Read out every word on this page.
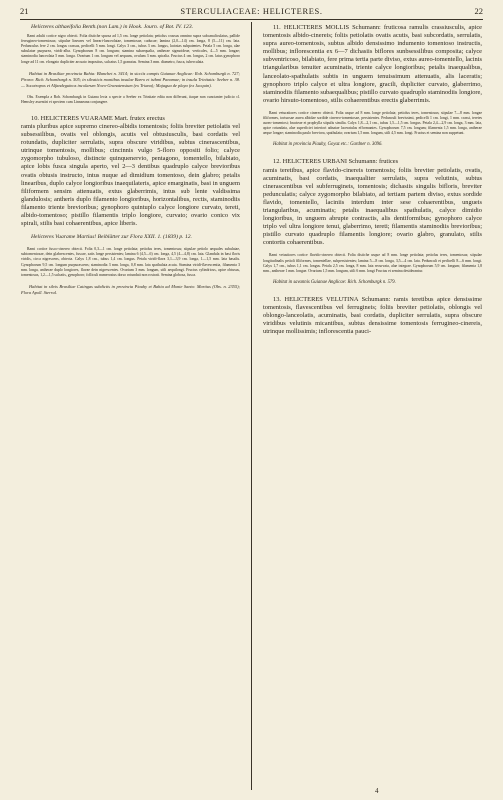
21	STERCULIACEAE: HELICTERES.	22

Helicteres althaeifolia Benth.(non Lam.) in Hook. Journ. of Bot. IV. 123.

Rami adulti cortice nigro obtecti. Folia distiche sparsa ad 1,5 cm. longe petiolata; petiolus crassus omnino supra subcanaliculatus, pallide ferrugineo-tomentosus; stipulae lineares vel lineari-lanceolatae, tomentosae, caducae; lamina (2,0—14) cm. longa, 8 (5—11) cm. lata. Pedunculus fere 2 cm. longus crassus, pedicelli 5 mm. longi. Calyx 3 cm., tubus 3 cm. longus, lacinias subpatentes. Petala 5 cm. longa, alae subulatae purpurea, viridi-alba. Gynophorum 8 cm. longum; stamina subaequalia, antherae sigmoideae, verticales, 4—5 mm. longae; staminodia lanceolata 5 mm. longa. Ovarium 1 cm. longum vel aequans, ovulum 3 mm. spiralia. Fructus 4 cm. longus, 2 cm. latus gynophoro longe ad 11 cm. elongato dupliciter arcuato impositus, sulcatus 1,5 granatus. Semina 3 mm. diametro, fusca, tuberculata.

Habitat in Brasiliae provincia Bahia: Blanchet n. 3414; in sicciis campis Guianae Anglicae: Rob. Schomburgk n. 727; Pirara: Rich. Schomburgk n. 505; in silvaticis montibus insulae Barro et isthmi Panamae; in insula Trinitatis: Seeber n. 38. — Socatrapos et Alfandeguinos incolarum Novo-Granatensium (ex Triana); Majagua de playa (ex Jacquin).

Obs. Exempla a Rob. Schomburgk in Guiana lecta a specie a Seeber ex Trinitate edita non differunt, itaque non cunctanter judicio cl. Hemsley assentiri et speciem cum Linnaeana conjungere.

10. HELICTERES VUARAME Mart. frutex erectus

ramis pluribus apice supremo cinereo-albidis tomentosis; foliis breviter petiolatis vel subsessilibus, ovatis vel oblongis, acutis vel obtusiusculis, basi cordatis vel rotundatis, dupliciter serrulatis, supra obscure viridibus, subtus cinerascentibus, utrinque tomentosis, mollibus; cincinnis vulgo 5-floro oppositi folio; calyce zygomorpho tubuloso, distincte quinquenervio, pentagono, tomentello, bilabiato, apice lobis fusca singula aperto, vel 2—3 dentibus quadruplo calyce brevioribus ovatis obtusis instructo, intus nuque ad dimidium tomentoso, dein glabro; petalis linearibus, duplo calyce longioribus inaequilateris, apice emarginatis, basi in unguem filiformem sensim attenuatis, extus glaberrimis, intus sub lente valdissima glandulosis; antheris duplo filamento longioribus, horizontalibus, rectis, staminodiis filamento triente brevioribus; gynophoro quintuplo calyce longiore curvato, tereti, albido-tomentoso; pistillo filamentis triplo longiore, curvato; ovario conico vix spirali, stilis basi cohaerentibus, apice liberis.

Helicteres Vuarame Martius! Beiblätter zur Flora XXII. 1. (1839) p. 12.

Rami cortice fusco-cinereo obtecti. Folia 0,3—1 cm. longe petiolata; petiolus teres, tomentosus; stipulae petiolo aequales subulatae, subtomentosae, dein glabrescentes, fuscae, satis longe persistentes; lamina 6 (4,5—6) cm. longa, 4,5 (4—4,8) cm. lata. Glandula in basi floris viridis, circa nigrescens, obtecta. Calyx 1,8 cm., tubus 1,4 cm. longus. Petala viridi-flava 3,1—3,9 cm. longa, 1—1,5 mm. lata basalis. Gynophorum 9,5 cm. longum purpurascens; staminodia 3 mm. longa, 0,8 mm. lata spathulata acuta. Stamina viridi-flavescentia, filamenta 3 mm. longa, antherae duplo longiores, flavae dein nigrescentes. Ovarium 3 mm. longum, stili aequilongi. Fructus cylindricus, apice obtusus, tomentosus, 1,2—1,5 sulcatis, gynophoro; folliculi numerosius dorso rotundati non rostrati. Semina globosa, fusca.

Habitat in silvis Brasiliae Catingas subdictis in provincia Piauhy et Bahia ad Monte Santo: Martius (Obs. n. 2355); Flora Apoll. Sterrul.

11. HELICTERES MOLLIS Schumann: fruticosa ramulis crassiusculis, apice tomentosis albido-cinereis; foliis petiolatis ovatis acutis, basi subcordatis, serrulatis, supra aureo-tomentosis, subtus albido densissimo indumento tomentoso instructis, mollibus; inflorescentia ex 6—7 dichasiis biflores sunbsessilibus composita; calyce subventricoso, bilabiato, fere prima tertia parte diviso, extus aureo-tomentello, lacinis triangularibus tenuiter acuminatis, triente calyce longioribus; petalis inaequalibus, lanceolato-spathulatis subtis in unguem tenuissimum attenuatis, alis laceratis; gynophoro triplo calyce et ultra longiore, gracili, dupliciter curvato, glaberrimo, staminodiis filamento subaequalibus; pistillo curvato quadruplo staminodiis longiore, ovario hirsuto-tomentoso, stilis cohaerentibus erectis glaberrimis.

Rami veturatiores cortice cinereo obtecti. Folia usque ad 8 mm. longe petiolata; petiolus teres, tomentosus; stipulae 7—8 mm. longae filiformes, tortuosae aurea albidae sordide cinereo-tomentosae, persistentes. Pedunculi brevissimi, pedicelli 1 cm. longi, 1 mm. crassi, teretes aureo-tomentosi; bracteae et prophylla stipulis similia. Calyx 1,8—2,1 cm., tubus 1,5—1,5 cm. longus. Petala 2,4—2,9 cm. longa, 3 mm. lata, apice rotundata, alae superficiei interiori adnatae laceratulas efformantes. Gynophorum 7,5 cm. longum; filamenta 1,5 mm. longa, antherae aeque longae; staminodia paulo breviora, spathulata; ovarium 1,5 mm. longum, stili 4,5 mm. longi. Fructus et semina non suppetunt.

Habitat in provincia Piauhy, Goyaz etc.: Gardner n. 3096.

12. HELICTERES URBANI Schumann: frutices

ramis teretibus, apice flavido-cinereis tomentosis; foliis breviter petiolatis, ovatis, acuminatis, basi cordatis, inaequaliter serrulatis, supra velutinis, subtus cinerascentibus vel subferrugineis, tomentosis; dichasiis singulis bifloris, breviter pedunculatis; calyce zygomorpho bilabiato, ad tertiam partem diviso, extus sordide flavido, tomentello, laciniis interdum inter sese cohaerentibus, ungueis triangularibus, acuminatis; petalis inaequalibus spathulatis, calyce dimidio longioribus, in unguem abrupte contractis, alis dentiformibus; gynophoro calyce triplo vel ultra longiore tenui, glaberrimo, tereti; filamentis staminodiis brevioribus; pistillo curvato quadruplo filamentis longiore; ovario glabro, granulato, stilis contortis cohaerentibus.

Rami vetustiores cortice flavido-cinereo obtecti. Folia distiche usque ad 8 mm. longe petiolata; petiolus teres, tomentosus; stipulae longitudinalis petioli filiformes, tomentellae, subpersistentes; lamina 5—8 cm. longa, 3,5—4 cm. lata. Pedunculi et pedicelli 8—6 mm. longi. Calyx 1,7 cm., tubus 1,1 cm. longus. Petala 2,5 cm. longa, 8 mm. lata recurvata, alae integrae. Gynophorum 5,9 cm. longum; filamenta 1,8 mm., antherae 1 mm. longae. Ovarium 1,5 mm. longum, stili 6 mm. longi Fructus et semina desiderantur.

Habitat in savannis Guianae Anglicae: Rich. Schomburgk n. 579.

13. HELICTERES VELUTINA Schumann: ramis teretibus apice densissime tomentosis, flavescentibus vel ferrugineis; foliis breviter petiolatis, oblongis vel oblongo-lanceolatis, acuminatis, basi cordatis, dupliciter serrulatis, supra obscure viridibus velutinis micantibus, subtus densissime tomentosis ferrugineo-cinereis, utrinque mollissimis; inflorescentia pauci-

4
